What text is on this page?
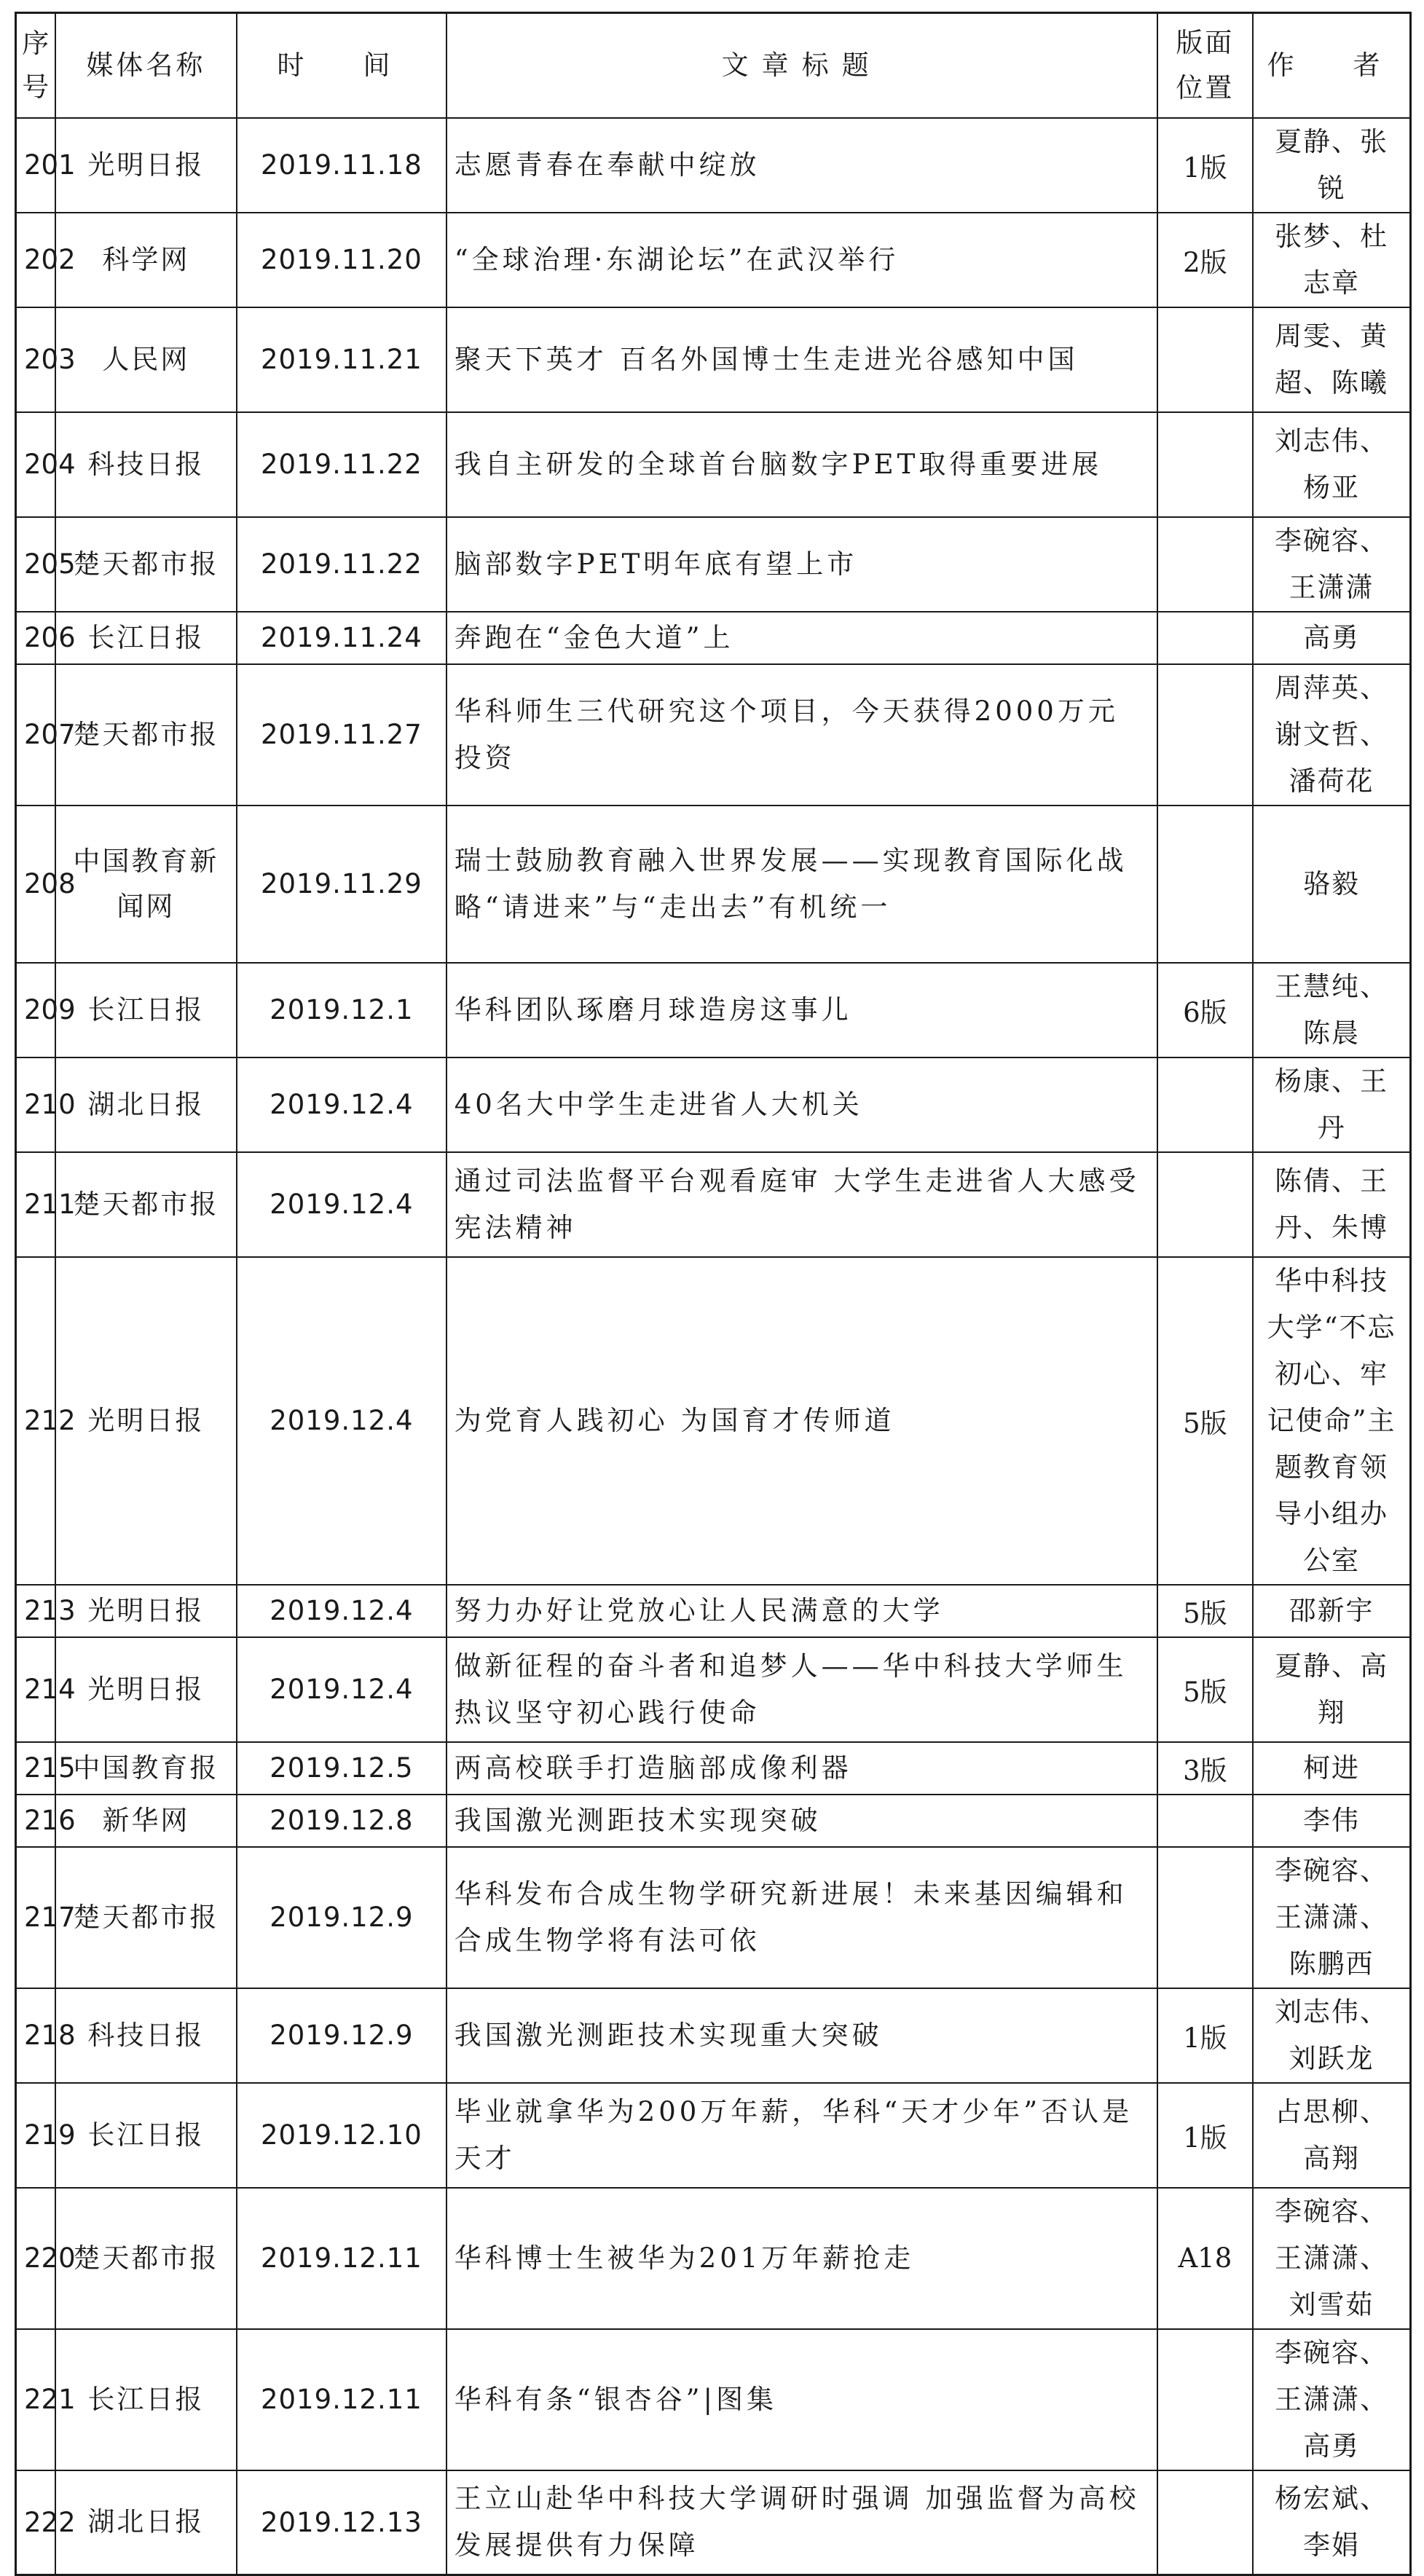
序号	媒体名称	时　间	文章标题	版面位置	作　者
201	光明日报	2019.11.18	志愿青春在奉献中绽放	1版	夏静、张锐
202	科学网	2019.11.20	“全球治理·东湖论坛”在武汉举行	2版	张梦、杜志章
203	人民网	2019.11.21	聚天下英才 百名外国博士生走进光谷感知中国		周雯、黄超、陈曦
204	科技日报	2019.11.22	我自主研发的全球首台脑数字PET取得重要进展		刘志伟、杨亚
205	楚天都市报	2019.11.22	脑部数字PET明年底有望上市		李碗容、王潇潇
206	长江日报	2019.11.24	奔跑在“金色大道”上		高勇
207	楚天都市报	2019.11.27	华科师生三代研究这个项目，今天获得2000万元投资		周萍英、谢文哲、潘荷花
208	中国教育新闻网	2019.11.29	瑞士鼓励教育融入世界发展——实现教育国际化战略“请进来”与“走出去”有机统一		骆毅
209	长江日报	2019.12.1	华科团队琢磨月球造房这事儿	6版	王慧纯、陈晨
210	湖北日报	2019.12.4	40名大中学生走进省人大机关		杨康、王丹
211	楚天都市报	2019.12.4	通过司法监督平台观看庭审 大学生走进省人大感受宪法精神		陈倩、王丹、朱博
212	光明日报	2019.12.4	为党育人践初心 为国育才传师道	5版	华中科技大学“不忘初心、牢记使命”主题教育领导小组办公室
213	光明日报	2019.12.4	努力办好让党放心让人民满意的大学	5版	邵新宇
214	光明日报	2019.12.4	做新征程的奋斗者和追梦人——华中科技大学师生热议坚守初心践行使命	5版	夏静、高翔
215	中国教育报	2019.12.5	两高校联手打造脑部成像利器	3版	柯进
216	新华网	2019.12.8	我国激光测距技术实现突破		李伟
217	楚天都市报	2019.12.9	华科发布合成生物学研究新进展！未来基因编辑和合成生物学将有法可依		李碗容、王潇潇、陈鹏西
218	科技日报	2019.12.9	我国激光测距技术实现重大突破	1版	刘志伟、刘跃龙
219	长江日报	2019.12.10	毕业就拿华为200万年薪，华科“天才少年”否认是天才	1版	占思柳、高翔
220	楚天都市报	2019.12.11	华科博士生被华为201万年薪抢走	A18	李碗容、王潇潇、刘雪茹
221	长江日报	2019.12.11	华科有条“银杏谷”|图集		李碗容、王潇潇、高勇
222	湖北日报	2019.12.13	王立山赴华中科技大学调研时强调 加强监督为高校发展提供有力保障		杨宏斌、李娟
